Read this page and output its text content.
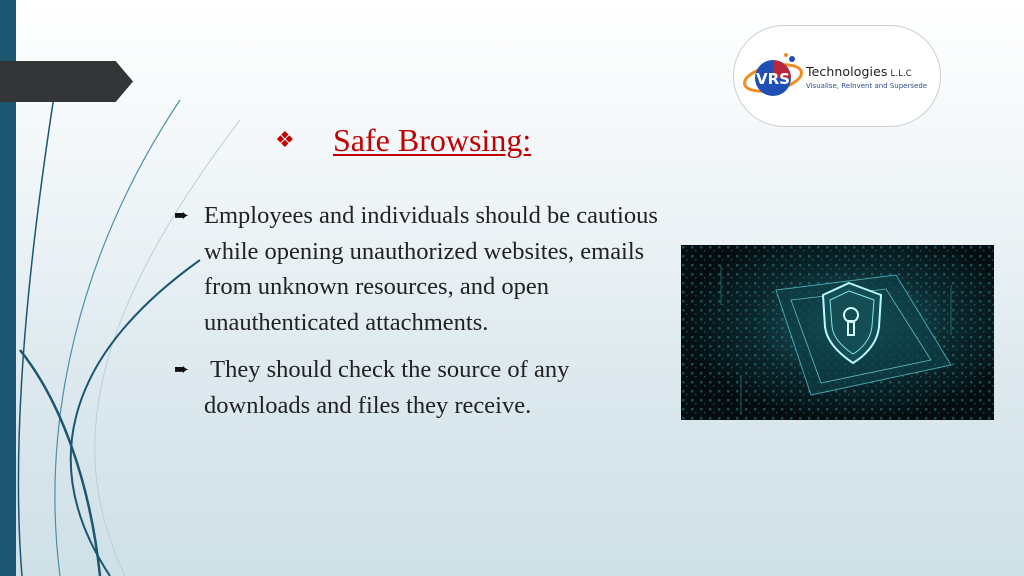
VRS Technologies L.L.C
Visualise, ReInvent and Supersede
❖	Safe Browsing:
➨ Employees and individuals should be cautious while opening unauthorized websites, emails from unknown resources, and open unauthenticated attachments.
➨ They should check the source of any downloads and files they receive.
